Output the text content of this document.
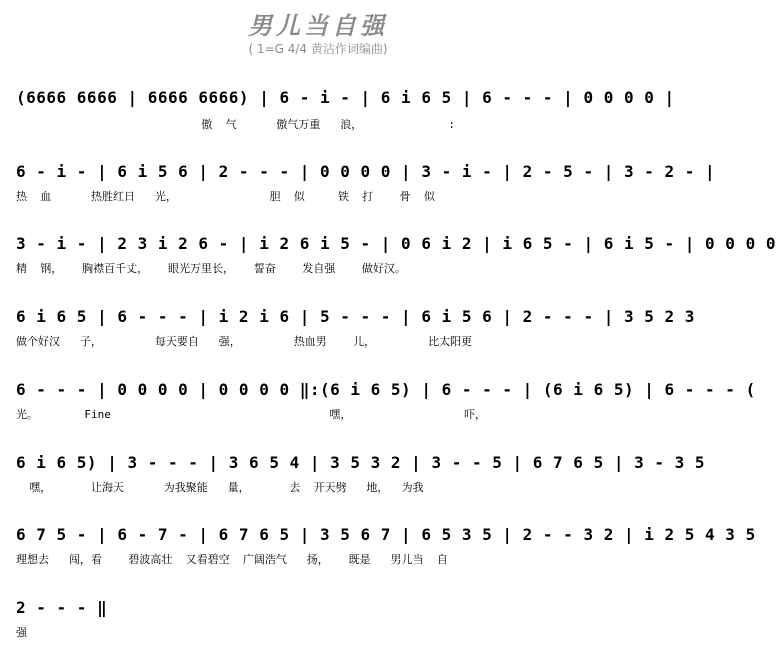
男儿当自强
( 1=G 4/4 黄沾作词编曲)
(6666 6666 | 6666 6666) | 6 - i - | 6 i 6 5 | 6 - - - | 0 0 0 0 |
傲  气      傲气万重   浪，             :
6 - i - | 6 i 5 6 | 2 - - - | 0 0 0 0 | 3 - i - | 2 - 5 - | 3 - 2 - |
热  血      热胜红日   光，              胆  似     铁  打    骨  似
3 - i - | 2 3 i 2 6 - | i 2 6 i 5 - | 0 6 i 2 | i 6 5 - | 6 i 5 - | 0 0 0 0
精  钢，   胸襟百千丈，   眼光万里长，   誓奋    发自强    做好汉。
6 i 6 5 | 6 - - - | i 2 i 6 | 5 - - - | 6 i 5 6 | 2 - - - | 3 5 2 3
做个好汉   子，        每天要自   强，        热血男    儿，        比太阳更
6 - - - | 0 0 0 0 | 0 0 0 0 ‖:(6 i 6 5) | 6 - - - | (6 i 6 5) | 6 - - - (
光。       Fine                                 嘿，                 吓，
6 i 6 5) | 3 - - - | 3 6 5 4 | 3 5 3 2 | 3 - - 5 | 6 7 6 5 | 3 - 3 5
嘿，      让海天      为我聚能   量，      去  开天劈   地，  为我
6 7 5 - | 6 - 7 - | 6 7 6 5 | 3 5 6 7 | 6 5 3 5 | 2 - - 3 2 | i 2 5 4 3 5
理想去   闯，看    碧波高壮  又看碧空  广阔浩气   扬，   既是   男儿当  自
2 - - - ‖
强
